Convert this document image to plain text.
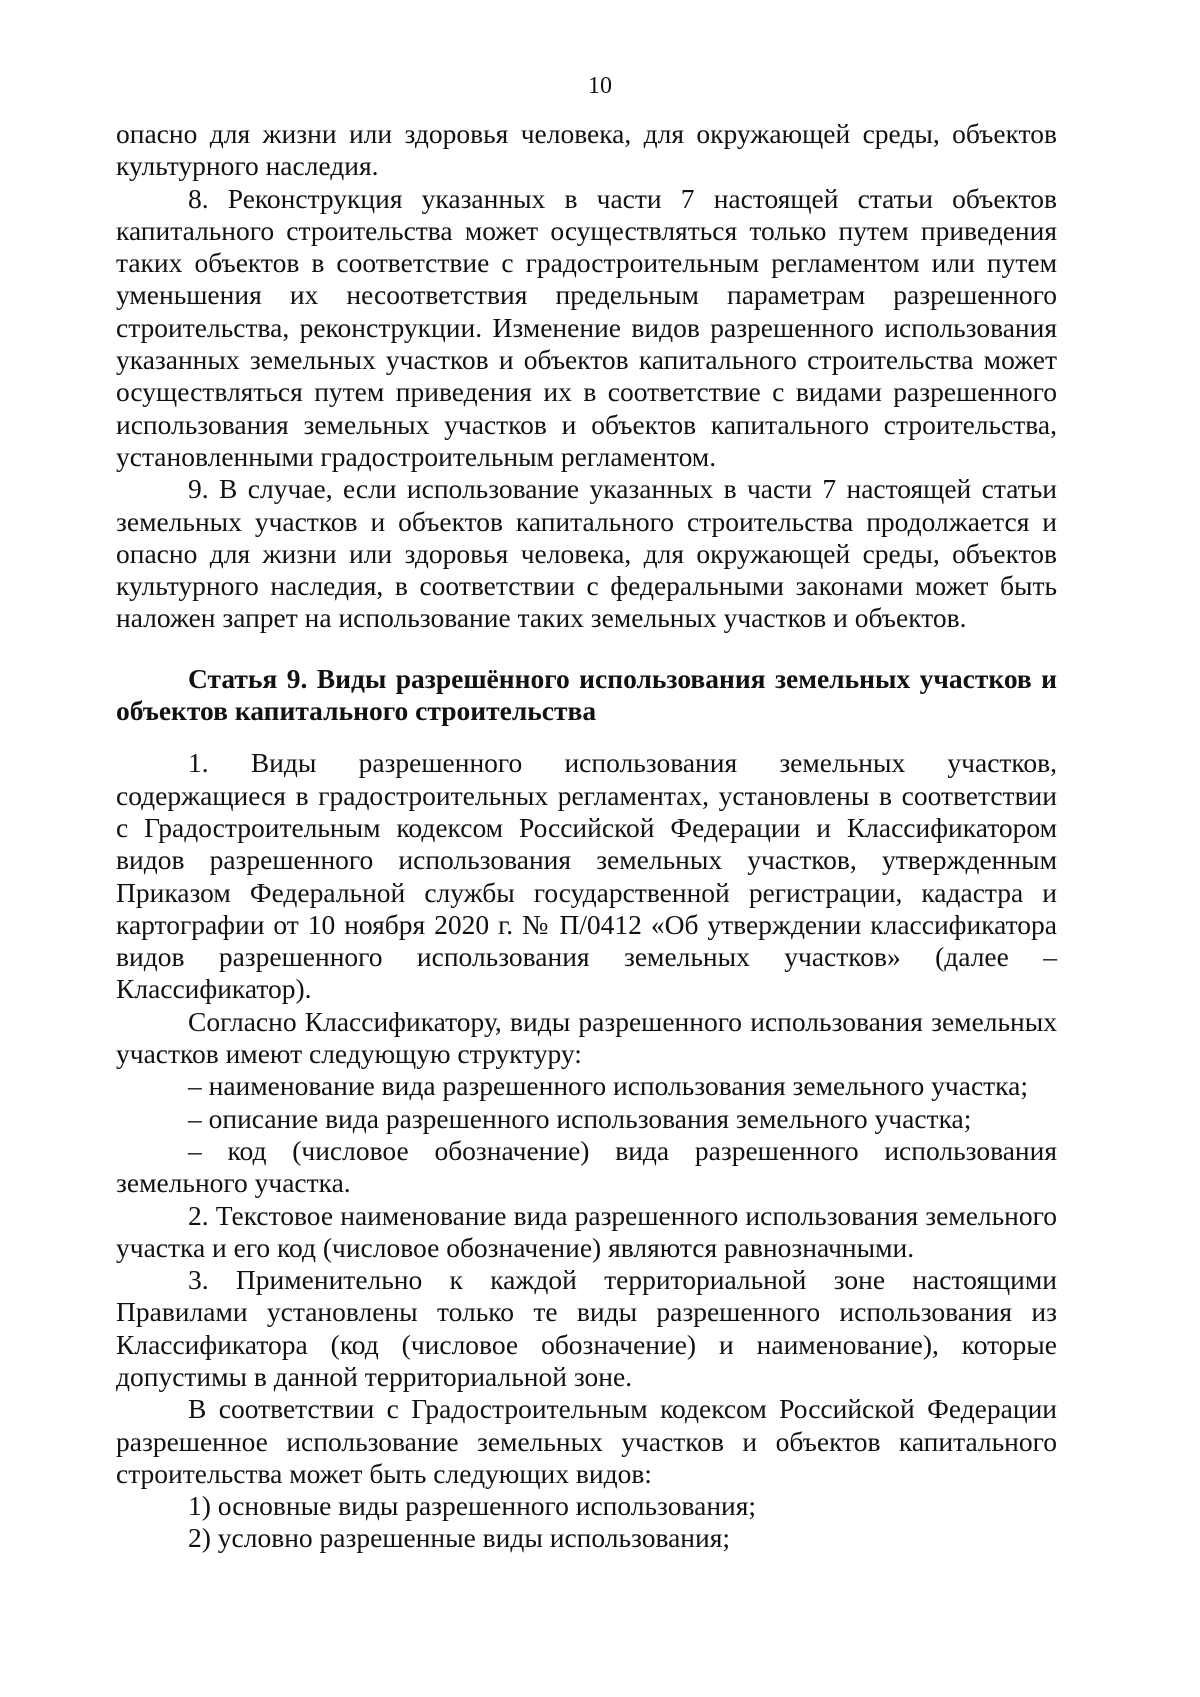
10

опасно для жизни или здоровья человека, для окружающей среды, объектов культурного наследия.

8. Реконструкция указанных в части 7 настоящей статьи объектов капитального строительства может осуществляться только путем приведения таких объектов в соответствие с градостроительным регламентом или путем уменьшения их несоответствия предельным параметрам разрешенного строительства, реконструкции. Изменение видов разрешенного использования указанных земельных участков и объектов капитального строительства может осуществляться путем приведения их в соответствие с видами разрешенного использования земельных участков и объектов капитального строительства, установленными градостроительным регламентом.

9. В случае, если использование указанных в части 7 настоящей статьи земельных участков и объектов капитального строительства продолжается и опасно для жизни или здоровья человека, для окружающей среды, объектов культурного наследия, в соответствии с федеральными законами может быть наложен запрет на использование таких земельных участков и объектов.

Статья 9. Виды разрешённого использования земельных участков и объектов капитального строительства

1. Виды разрешенного использования земельных участков, содержащиеся в градостроительных регламентах, установлены в соответствии с Градостроительным кодексом Российской Федерации и Классификатором видов разрешенного использования земельных участков, утвержденным Приказом Федеральной службы государственной регистрации, кадастра и картографии от 10 ноября 2020 г. № П/0412 «Об утверждении классификатора видов разрешенного использования земельных участков» (далее – Классификатор).

Согласно Классификатору, виды разрешенного использования земельных участков имеют следующую структуру:

‒ наименование вида разрешенного использования земельного участка;

‒ описание вида разрешенного использования земельного участка;

‒ код (числовое обозначение) вида разрешенного использования земельного участка.

2. Текстовое наименование вида разрешенного использования земельного участка и его код (числовое обозначение) являются равнозначными.

3. Применительно к каждой территориальной зоне настоящими Правилами установлены только те виды разрешенного использования из Классификатора (код (числовое обозначение) и наименование), которые допустимы в данной территориальной зоне.

В соответствии с Градостроительным кодексом Российской Федерации разрешенное использование земельных участков и объектов капитального строительства может быть следующих видов:

1) основные виды разрешенного использования;

2) условно разрешенные виды использования;
